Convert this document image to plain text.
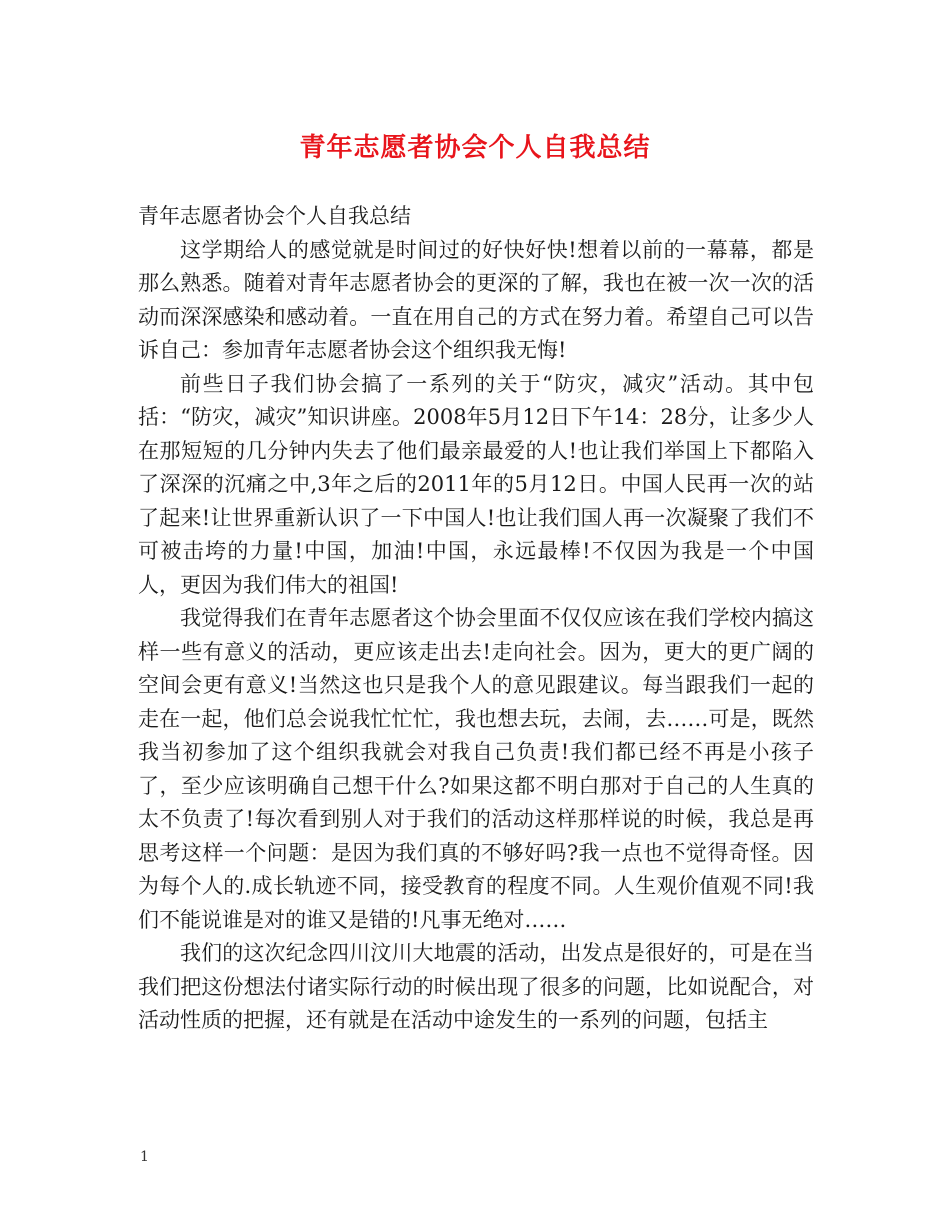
青年志愿者协会个人自我总结

青年志愿者协会个人自我总结

这学期给人的感觉就是时间过的好快好快!想着以前的一幕幕，都是那么熟悉。随着对青年志愿者协会的更深的了解，我也在被一次一次的活动而深深感染和感动着。一直在用自己的方式在努力着。希望自己可以告诉自己：参加青年志愿者协会这个组织我无悔!

前些日子我们协会搞了一系列的关于“防灾，减灾”活动。其中包括：“防灾，减灾”知识讲座。2008年5月12日下午14：28分，让多少人在那短短的几分钟内失去了他们最亲最爱的人!也让我们举国上下都陷入了深深的沉痛之中,3年之后的2011年的5月12日。中国人民再一次的站了起来!让世界重新认识了一下中国人!也让我们国人再一次凝聚了我们不可被击垮的力量!中国，加油!中国，永远最棒!不仅因为我是一个中国人，更因为我们伟大的祖国!

我觉得我们在青年志愿者这个协会里面不仅仅应该在我们学校内搞这样一些有意义的活动，更应该走出去!走向社会。因为，更大的更广阔的空间会更有意义!当然这也只是我个人的意见跟建议。每当跟我们一起的走在一起，他们总会说我忙忙忙，我也想去玩，去闹，去……可是，既然我当初参加了这个组织我就会对我自己负责!我们都已经不再是小孩子了，至少应该明确自己想干什么?如果这都不明白那对于自己的人生真的太不负责了!每次看到别人对于我们的活动这样那样说的时候，我总是再思考这样一个问题：是因为我们真的不够好吗?我一点也不觉得奇怪。因为每个人的.成长轨迹不同，接受教育的程度不同。人生观价值观不同!我们不能说谁是对的谁又是错的!凡事无绝对……

我们的这次纪念四川汶川大地震的活动，出发点是很好的，可是在当我们把这份想法付诸实际行动的时候出现了很多的问题，比如说配合，对活动性质的把握，还有就是在活动中途发生的一系列的问题，包括主

1
